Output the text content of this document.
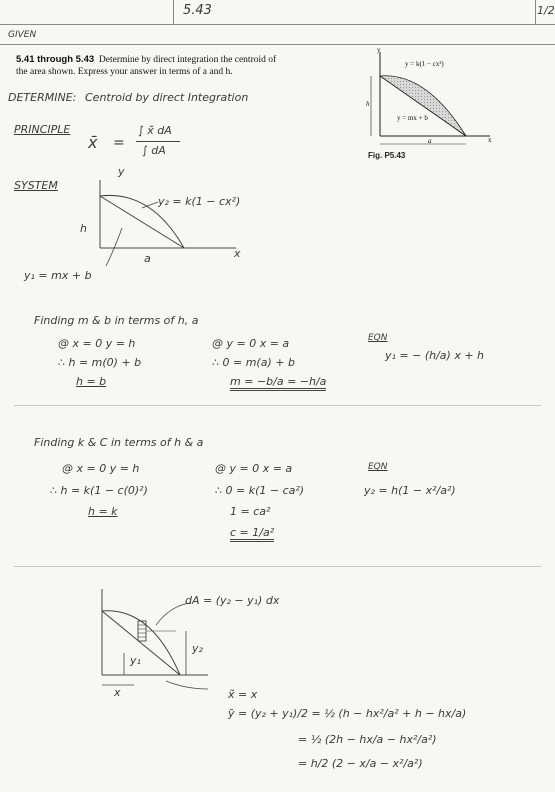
5.43	1/2
GIVEN
5.41 through 5.43 Determine by direct integration the centroid of
the area shown. Express your answer in terms of a and h.
y
y = k(1 − cx²)
y = mx + b
h
a	x
Fig. P5.43
DETERMINE: Centroid by direct Integration
PRINCIPLE
x̄ =
∫ x̃ dA
∫ dA
SYSTEM
y
h
a	x
y₂ = k(1 − cx²)
y₁ = mx + b
Finding m & b in terms of h, a
@ x = 0 y = h
∴ h = m(0) + b
h = b
@ y = 0 x = a
∴ 0 = m(a) + b
m = −b/a = −h/a
EQN
y₁ = − (h/a) x + h
Finding k & C in terms of h & a
@ x = 0 y = h
∴ h = k(1 − c(0)²)
h = k
@ y = 0 x = a
∴ 0 = k(1 − ca²)
1 = ca²
c = 1/a²
EQN
y₂ = h(1 − x²/a²)
dA = (y₂ − y₁) dx
y₁
y₂
x	x̃ = x
ỹ = (y₂ + y₁)/2 = ½ (h − hx²/a² + h − hx/a)
= ½ (2h − hx/a − hx²/a²)
= h/2 (2 − x/a − x²/a²)
